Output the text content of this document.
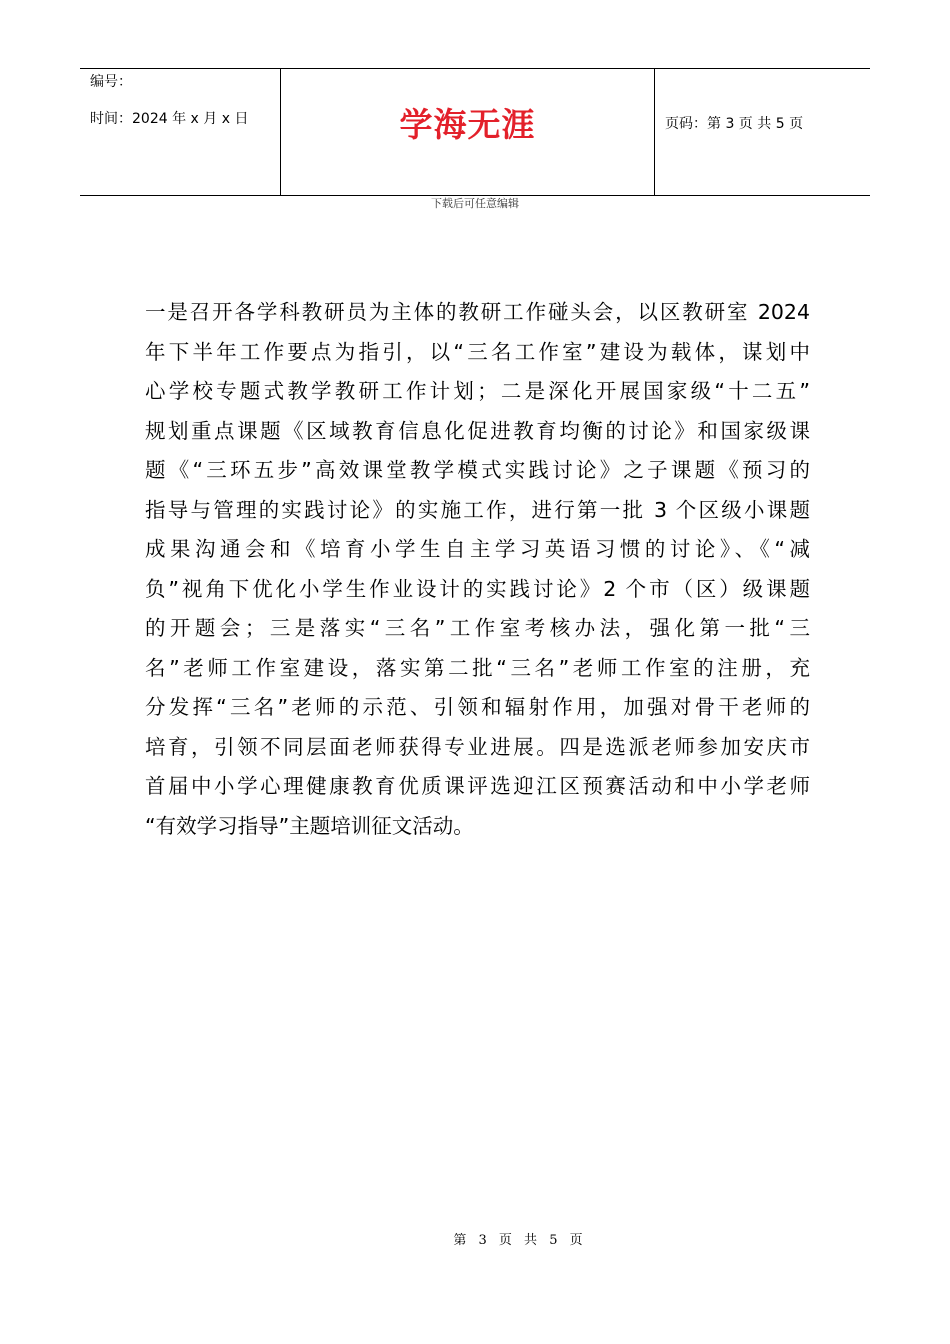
编号：
时间：2024 年 x 月 x 日	学海无涯	页码：第 3 页 共 5 页
下载后可任意编辑
一是召开各学科教研员为主体的教研工作碰头会，以区教研室 2024
年下半年工作要点为指引，以“三名工作室”建设为载体，谋划中
心学校专题式教学教研工作计划；二是深化开展国家级“十二五”
规划重点课题《区域教育信息化促进教育均衡的讨论》和国家级课
题《“三环五步”高效课堂教学模式实践讨论》之子课题《预习的
指导与管理的实践讨论》的实施工作，进行第一批 3 个区级小课题
成果沟通会和《培育小学生自主学习英语习惯的讨论》、《“减
负”视角下优化小学生作业设计的实践讨论》2 个市（区）级课题
的开题会；三是落实“三名”工作室考核办法，强化第一批“三
名”老师工作室建设，落实第二批“三名”老师工作室的注册，充
分发挥“三名”老师的示范、引领和辐射作用，加强对骨干老师的
培育，引领不同层面老师获得专业进展。四是选派老师参加安庆市
首届中小学心理健康教育优质课评选迎江区预赛活动和中小学老师
“有效学习指导”主题培训征文活动。
第 3 页 共 5 页
